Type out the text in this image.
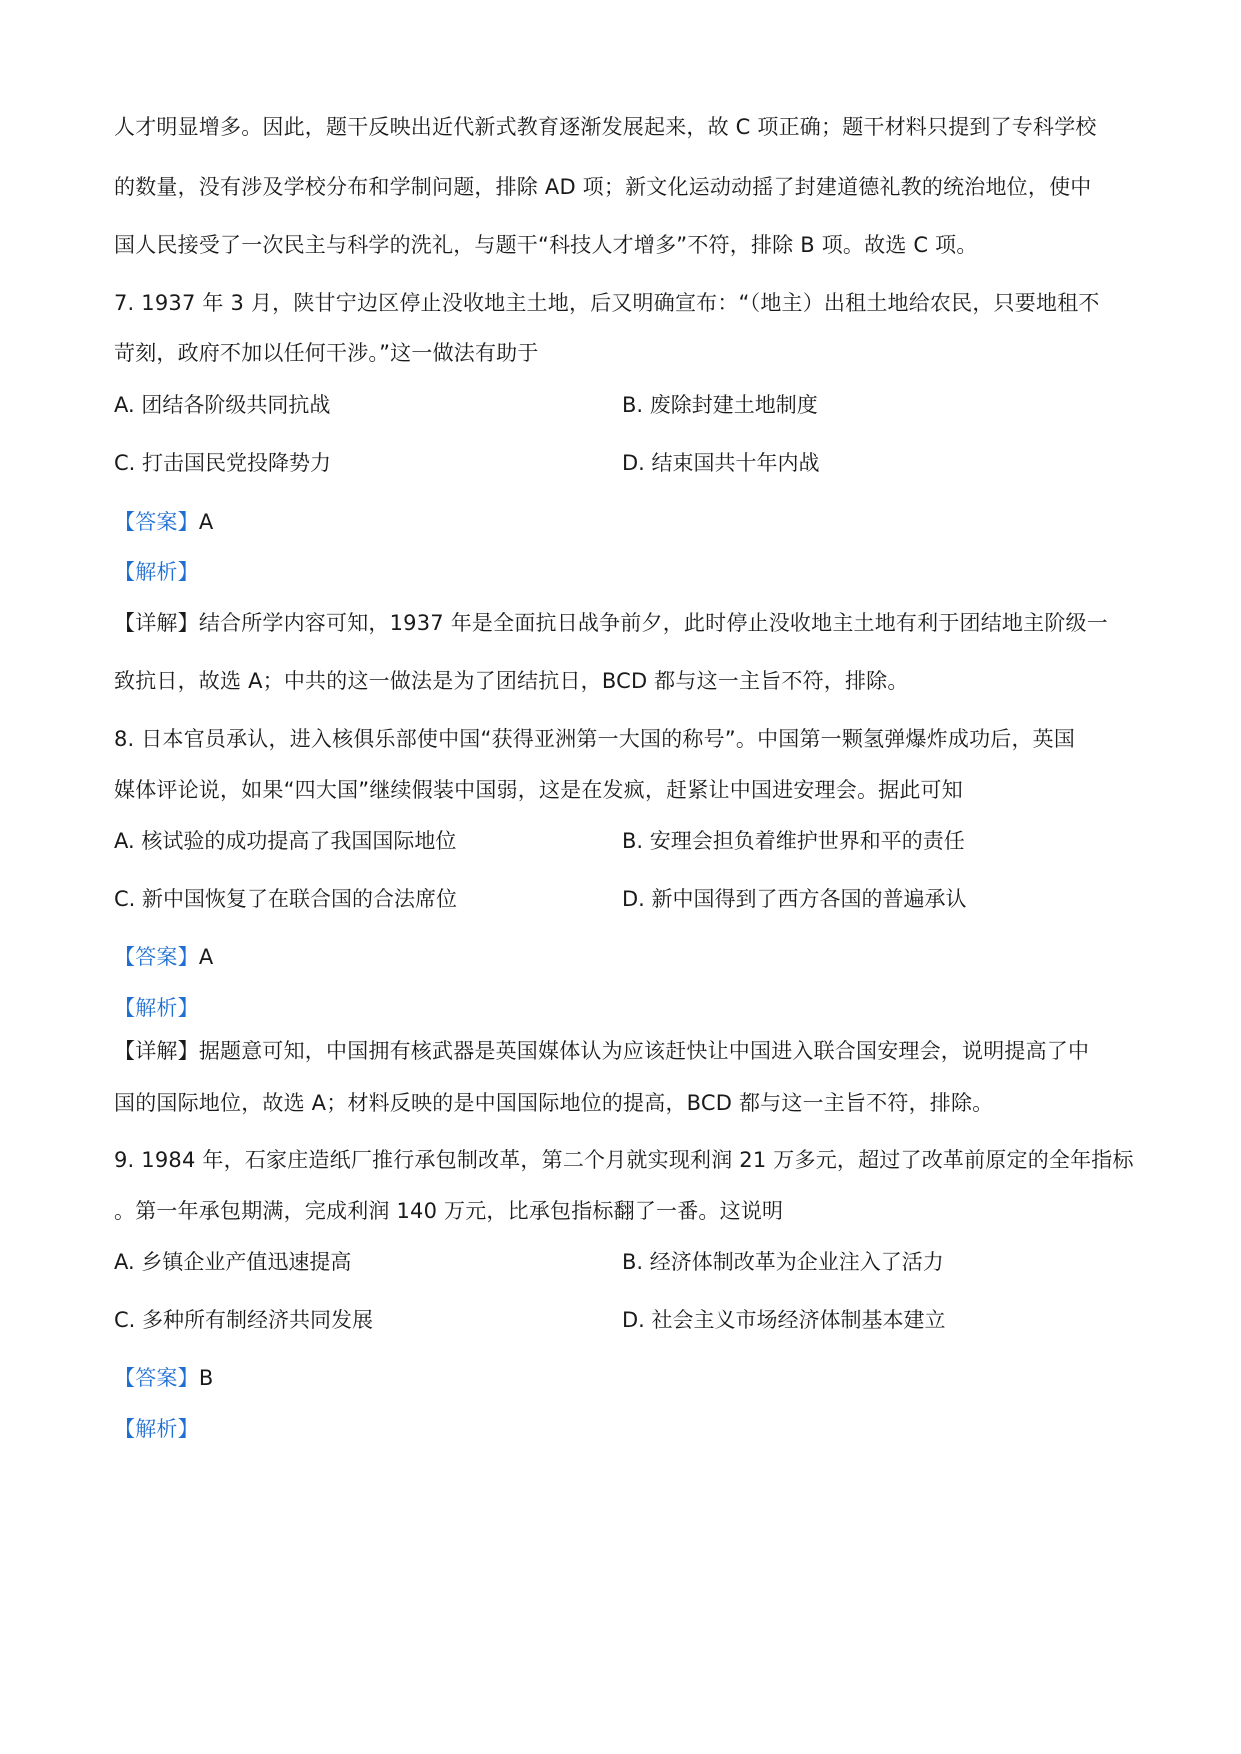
人才明显增多。因此，题干反映出近代新式教育逐渐发展起来，故 C 项正确；题干材料只提到了专科学校
的数量，没有涉及学校分布和学制问题，排除 AD 项；新文化运动动摇了封建道德礼教的统治地位，使中
国人民接受了一次民主与科学的洗礼，与题干“科技人才增多”不符，排除 B 项。故选 C 项。
7. 1937 年 3 月，陕甘宁边区停止没收地主土地，后又明确宣布：“（地主）出租土地给农民，只要地租不
苛刻，政府不加以任何干涉。”这一做法有助于
A. 团结各阶级共同抗战	B. 废除封建土地制度
C. 打击国民党投降势力	D. 结束国共十年内战
【答案】A
【解析】
【详解】结合所学内容可知，1937 年是全面抗日战争前夕，此时停止没收地主土地有利于团结地主阶级一
致抗日，故选 A；中共的这一做法是为了团结抗日，BCD 都与这一主旨不符，排除。
8. 日本官员承认，进入核俱乐部使中国“获得亚洲第一大国的称号”。中国第一颗氢弹爆炸成功后，英国
媒体评论说，如果“四大国”继续假装中国弱，这是在发疯，赶紧让中国进安理会。据此可知
A. 核试验的成功提高了我国国际地位	B. 安理会担负着维护世界和平的责任
C. 新中国恢复了在联合国的合法席位	D. 新中国得到了西方各国的普遍承认
【答案】A
【解析】
【详解】据题意可知，中国拥有核武器是英国媒体认为应该赶快让中国进入联合国安理会，说明提高了中
国的国际地位，故选 A；材料反映的是中国国际地位的提高，BCD 都与这一主旨不符，排除。
9. 1984 年，石家庄造纸厂推行承包制改革，第二个月就实现利润 21 万多元，超过了改革前原定的全年指标
。第一年承包期满，完成利润 140 万元，比承包指标翻了一番。这说明
A. 乡镇企业产值迅速提高	B. 经济体制改革为企业注入了活力
C. 多种所有制经济共同发展	D. 社会主义市场经济体制基本建立
【答案】B
【解析】
